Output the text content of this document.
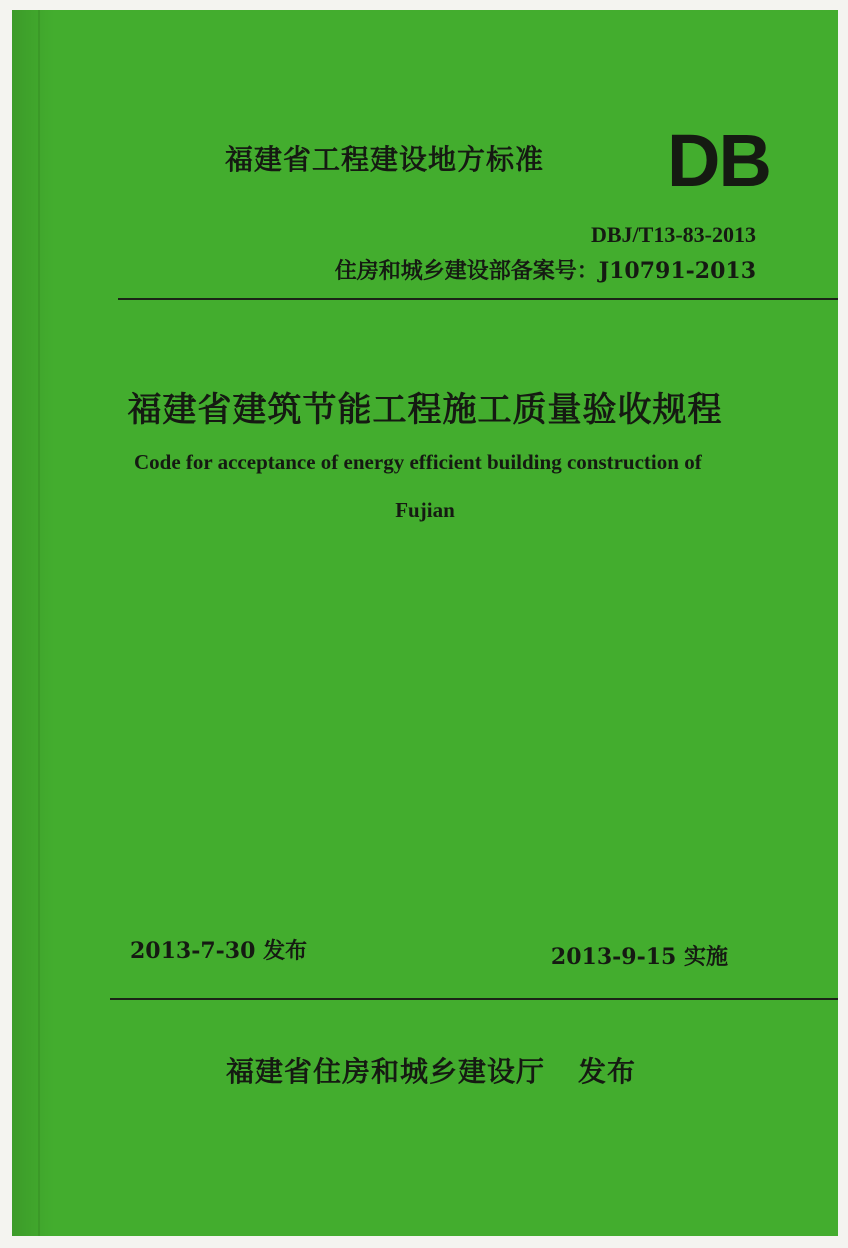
福建省工程建设地方标准 DB
DBJ/T13-83-2013
住房和城乡建设部备案号：J10791-2013
福建省建筑节能工程施工质量验收规程
Code for acceptance of energy efficient building construction of
Fujian
2013-7-30 发布	2013-9-15 实施
福建省住房和城乡建设厅 发布
